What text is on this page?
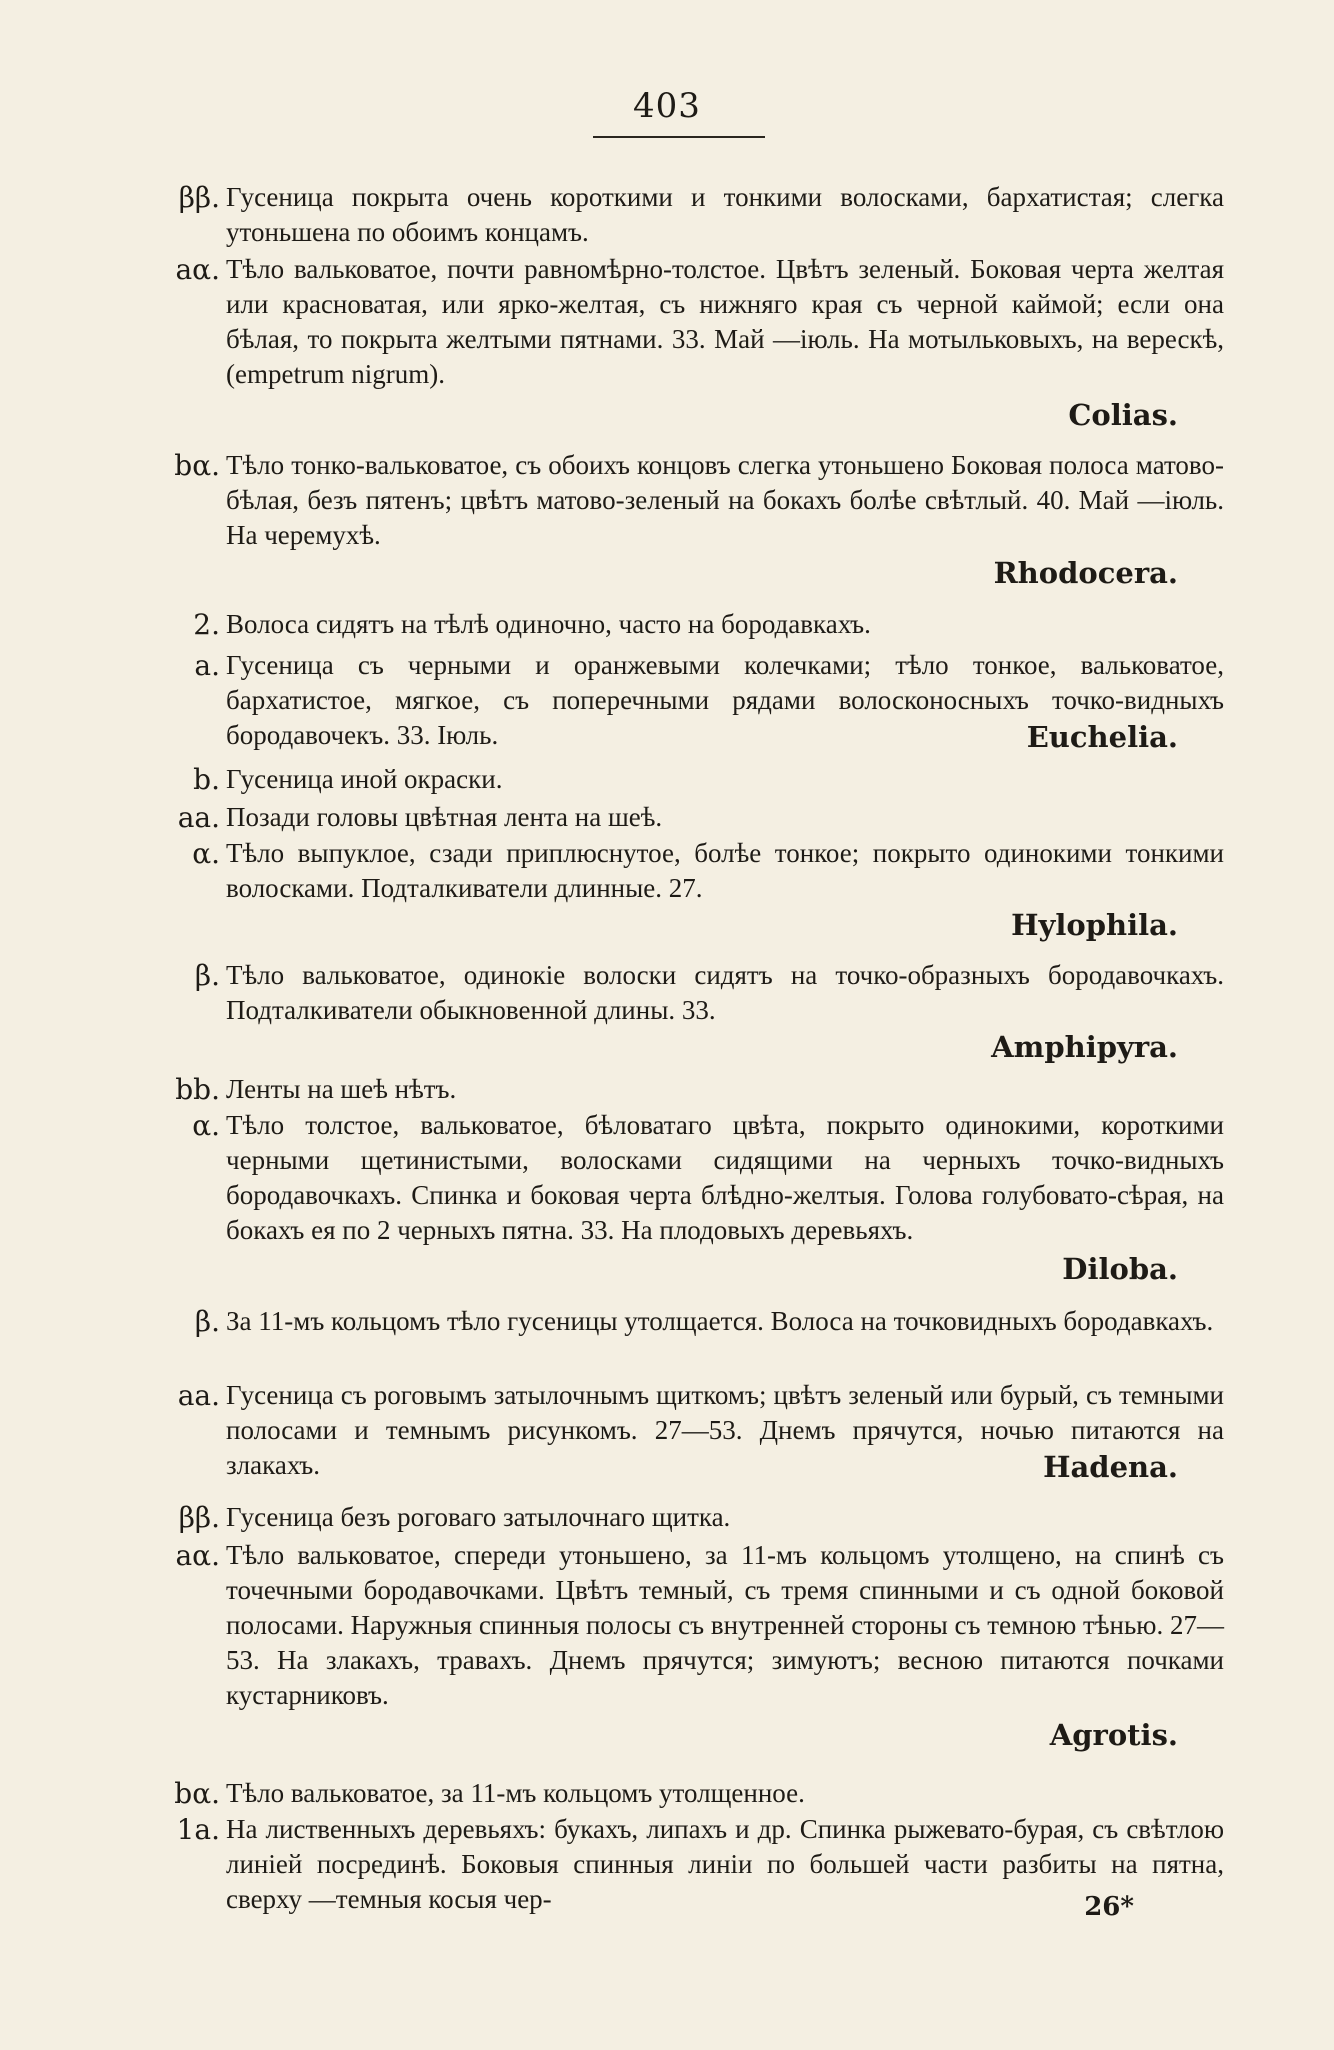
403
ββ. Гусеница покрыта очень короткими и тонкими волосками, бархатистая; слегка утоньшена по обоимъ концамъ.
aα. Тѣло вальковатое, почти равномѣрно-толстое. Цвѣтъ зеленый. Боковая черта желтая или красноватая, или ярко-желтая, съ нижняго края съ черной каймой; если она бѣлая, то покрыта желтыми пятнами. 33. Май —іюль. На мотыльковыхъ, на верескѣ, (empetrum nigrum).
Colias.
bα. Тѣло тонко-вальковатое, съ обоихъ концовъ слегка утоньшено Боковая полоса матово-бѣлая, безъ пятенъ; цвѣтъ матово-зеленый на бокахъ болѣе свѣтлый. 40. Май —іюль. На черемухѣ.
Rhodocera.
2. Волоса сидятъ на тѣлѣ одиночно, часто на бородавкахъ.
a. Гусеница съ черными и оранжевыми колечками; тѣло тонкое, вальковатое, бархатистое, мягкое, съ поперечными рядами волосконосныхъ точко-видныхъ бородавочекъ. 33. Іюль.	Euchelia.
b. Гусеница иной окраски.
aa. Позади головы цвѣтная лента на шеѣ.
α. Тѣло выпуклое, сзади приплюснутое, болѣе тонкое; покрыто одинокими тонкими волосками. Подталкиватели длинные. 27.
Hylophila.
β. Тѣло вальковатое, одинокіе волоски сидятъ на точко-образныхъ бородавочкахъ. Подталкиватели обыкновенной длины. 33.
Amphipyra.
bb. Ленты на шеѣ нѣтъ.
α. Тѣло толстое, вальковатое, бѣловатаго цвѣта, покрыто одинокими, короткими черными щетинистыми, волосками сидящими на черныхъ точко-видныхъ бородавочкахъ. Спинка и боковая черта блѣдно-желтыя. Голова голубовато-сѣрая, на бокахъ ея по 2 черныхъ пятна. 33. На плодовыхъ деревьяхъ.
Diloba.
β. За 11-мъ кольцомъ тѣло гусеницы утолщается. Волоса на точковидныхъ бородавкахъ.
aa. Гусеница съ роговымъ затылочнымъ щиткомъ; цвѣтъ зеленый или бурый, съ темными полосами и темнымъ рисункомъ. 27—53. Днемъ прячутся, ночью питаются на злакахъ.	Hadena.
ββ. Гусеница безъ роговаго затылочнаго щитка.
aα. Тѣло вальковатое, спереди утоньшено, за 11-мъ кольцомъ утолщено, на спинѣ съ точечными бородавочками. Цвѣтъ темный, съ тремя спинными и съ одной боковой полосами. Наружныя спинныя полосы съ внутренней стороны съ темною тѣнью. 27—53. На злакахъ, травахъ. Днемъ прячутся; зимуютъ; весною питаются почками кустарниковъ.
Agrotis.
bα. Тѣло вальковатое, за 11-мъ кольцомъ утолщенное.
1a. На лиственныхъ деревьяхъ: букахъ, липахъ и др. Спинка рыжевато-бурая, съ свѣтлою линіей посрединѣ. Боковыя спинныя линіи по большей части разбиты на пятна, сверху —темныя косыя чер-	26*
